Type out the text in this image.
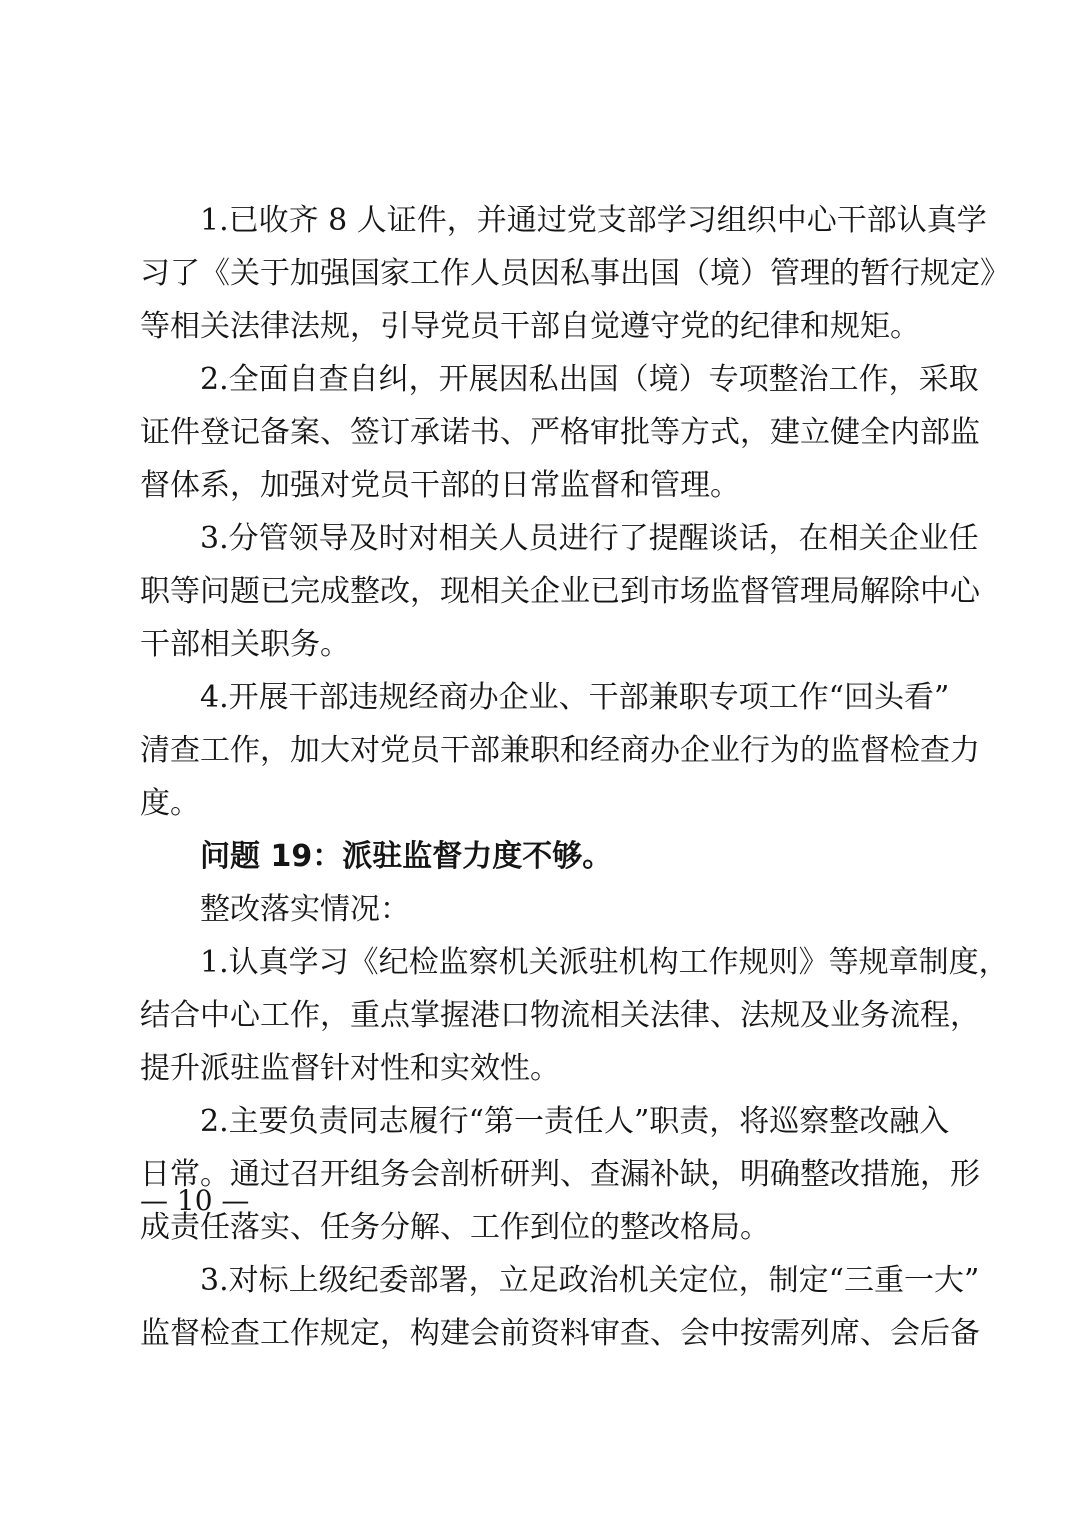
1.已收齐 8 人证件，并通过党支部学习组织中心干部认真学
习了《关于加强国家工作人员因私事出国（境）管理的暂行规定》
等相关法律法规，引导党员干部自觉遵守党的纪律和规矩。
2.全面自查自纠，开展因私出国（境）专项整治工作，采取
证件登记备案、签订承诺书、严格审批等方式，建立健全内部监
督体系，加强对党员干部的日常监督和管理。
3.分管领导及时对相关人员进行了提醒谈话，在相关企业任
职等问题已完成整改，现相关企业已到市场监督管理局解除中心
干部相关职务。
4.开展干部违规经商办企业、干部兼职专项工作“回头看”
清查工作，加大对党员干部兼职和经商办企业行为的监督检查力
度。
问题 19：派驻监督力度不够。
整改落实情况：
1.认真学习《纪检监察机关派驻机构工作规则》等规章制度，
结合中心工作，重点掌握港口物流相关法律、法规及业务流程，
提升派驻监督针对性和实效性。
2.主要负责同志履行“第一责任人”职责，将巡察整改融入
日常。通过召开组务会剖析研判、查漏补缺，明确整改措施，形
成责任落实、任务分解、工作到位的整改格局。
3.对标上级纪委部署，立足政治机关定位，制定“三重一大”
监督检查工作规定，构建会前资料审查、会中按需列席、会后备
— 10 —
